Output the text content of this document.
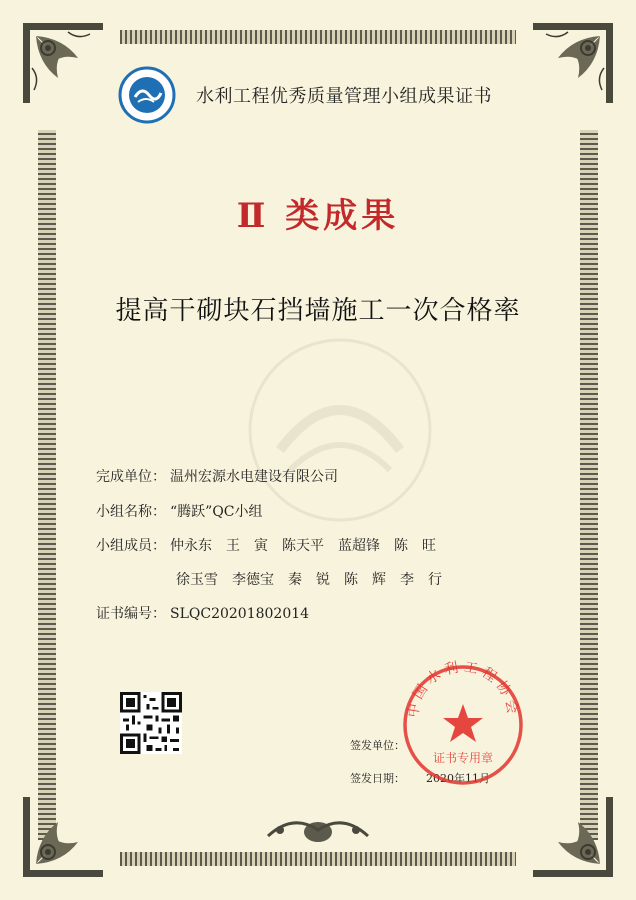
水利工程优秀质量管理小组成果证书
Ⅱ 类成果
提高干砌块石挡墙施工一次合格率
完成单位： 温州宏源水电建设有限公司
小组名称： “腾跃”QC小组
小组成员： 仲永东　王　寅　陈天平　蓝超锋　陈　旺
徐玉雪　李德宝　秦　锐　陈　辉　李　行
证书编号： SLQC20201802014
签发单位：
签发日期： 2020年11月
中国水利工程协会
证书专用章
